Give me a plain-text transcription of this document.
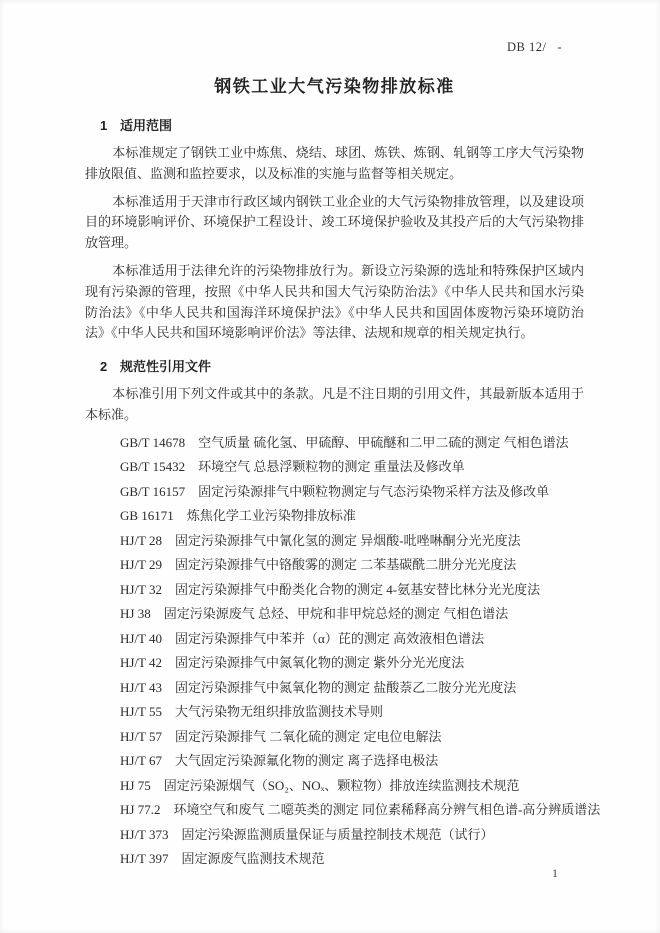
DB 12/   -
钢铁工业大气污染物排放标准
1 适用范围

本标准规定了钢铁工业中炼焦、烧结、球团、炼铁、炼钢、轧钢等工序大气污染物排放限值、监测和监控要求，以及标准的实施与监督等相关规定。

本标准适用于天津市行政区域内钢铁工业企业的大气污染物排放管理，以及建设项目的环境影响评价、环境保护工程设计、竣工环境保护验收及其投产后的大气污染物排放管理。

本标准适用于法律允许的污染物排放行为。新设立污染源的选址和特殊保护区域内现有污染源的管理，按照《中华人民共和国大气污染防治法》《中华人民共和国水污染防治法》《中华人民共和国海洋环境保护法》《中华人民共和国固体废物污染环境防治法》《中华人民共和国环境影响评价法》等法律、法规和规章的相关规定执行。

2 规范性引用文件

本标准引用下列文件或其中的条款。凡是不注日期的引用文件，其最新版本适用于本标准。

GB/T 14678 空气质量 硫化氢、甲硫醇、甲硫醚和二甲二硫的测定 气相色谱法
GB/T 15432 环境空气 总悬浮颗粒物的测定 重量法及修改单
GB/T 16157 固定污染源排气中颗粒物测定与气态污染物采样方法及修改单
GB 16171 炼焦化学工业污染物排放标准
HJ/T 28 固定污染源排气中氰化氢的测定 异烟酸-吡唑啉酮分光光度法
HJ/T 29 固定污染源排气中铬酸雾的测定 二苯基碳酰二肼分光光度法
HJ/T 32 固定污染源排气中酚类化合物的测定 4-氨基安替比林分光光度法
HJ 38 固定污染源废气 总烃、甲烷和非甲烷总烃的测定 气相色谱法
HJ/T 40 固定污染源排气中苯并（α）芘的测定 高效液相色谱法
HJ/T 42 固定污染源排气中氮氧化物的测定 紫外分光光度法
HJ/T 43 固定污染源排气中氮氧化物的测定 盐酸萘乙二胺分光光度法
HJ/T 55 大气污染物无组织排放监测技术导则
HJ/T 57 固定污染源排气 二氧化硫的测定 定电位电解法
HJ/T 67 大气固定污染源氟化物的测定 离子选择电极法
HJ 75 固定污染源烟气（SO₂、NOₓ、颗粒物）排放连续监测技术规范
HJ 77.2 环境空气和废气 二噁英类的测定 同位素稀释高分辨气相色谱-高分辨质谱法
HJ/T 373 固定污染源监测质量保证与质量控制技术规范（试行）
HJ/T 397 固定源废气监测技术规范
1
